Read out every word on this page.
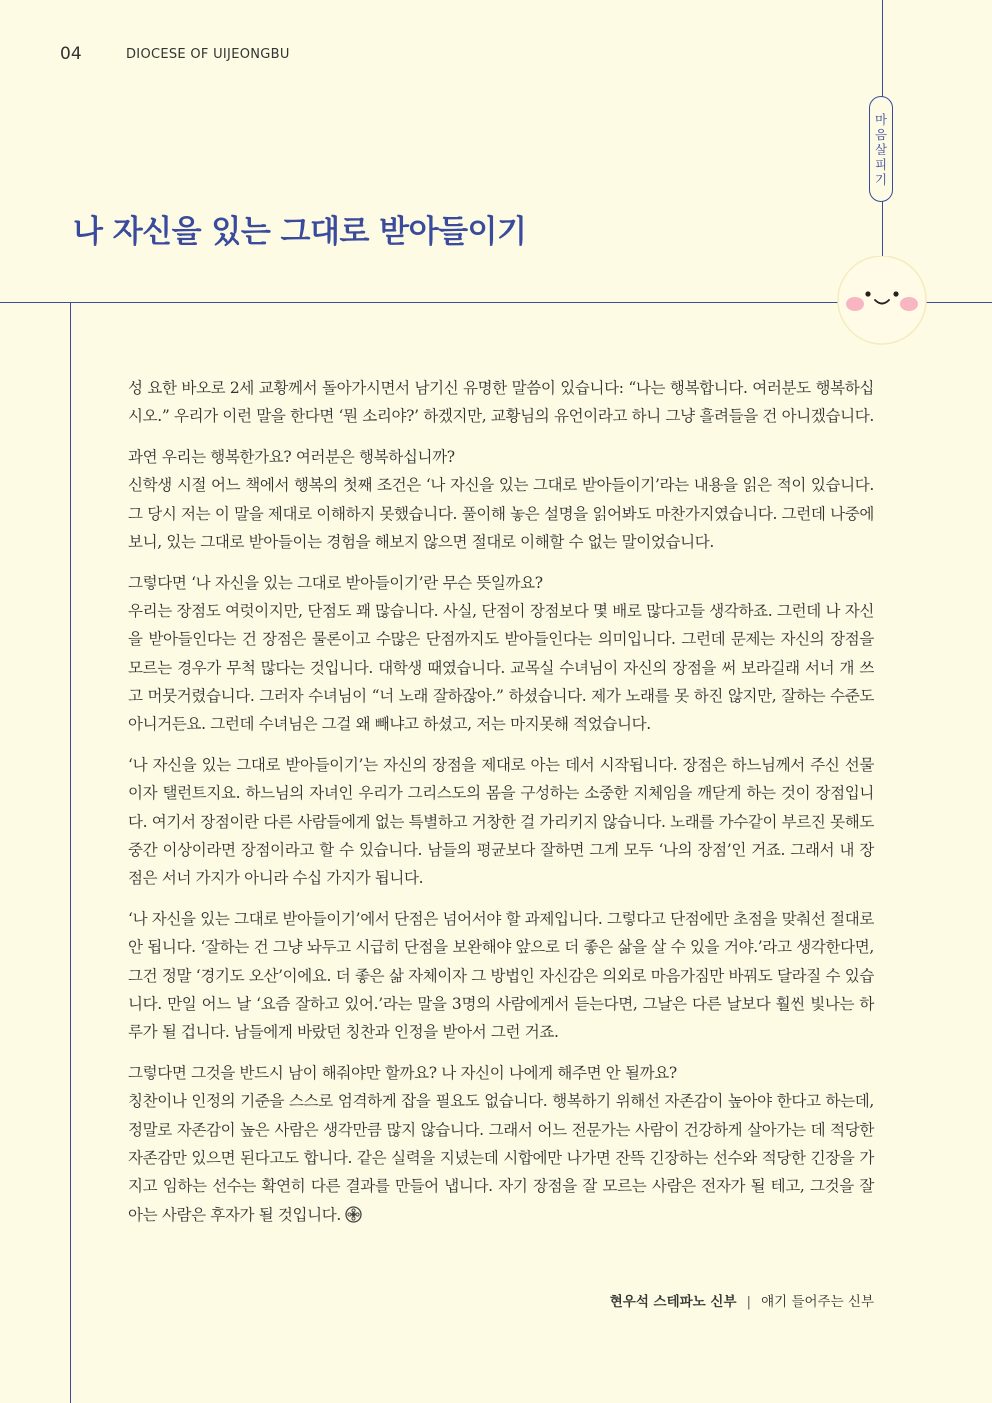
04	DIOCESE OF UIJEONGBU
마음살피기
나 자신을 있는 그대로 받아들이기

성 요한 바오로 2세 교황께서 돌아가시면서 남기신 유명한 말씀이 있습니다: “나는 행복합니다. 여러분도 행복하십시오.” 우리가 이런 말을 한다면 ‘뭔 소리야?’ 하겠지만, 교황님의 유언이라고 하니 그냥 흘려들을 건 아니겠습니다.

과연 우리는 행복한가요? 여러분은 행복하십니까?
신학생 시절 어느 책에서 행복의 첫째 조건은 ‘나 자신을 있는 그대로 받아들이기’라는 내용을 읽은 적이 있습니다. 그 당시 저는 이 말을 제대로 이해하지 못했습니다. 풀이해 놓은 설명을 읽어봐도 마찬가지였습니다. 그런데 나중에 보니, 있는 그대로 받아들이는 경험을 해보지 않으면 절대로 이해할 수 없는 말이었습니다.

그렇다면 ‘나 자신을 있는 그대로 받아들이기’란 무슨 뜻일까요?
우리는 장점도 여럿이지만, 단점도 꽤 많습니다. 사실, 단점이 장점보다 몇 배로 많다고들 생각하죠. 그런데 나 자신을 받아들인다는 건 장점은 물론이고 수많은 단점까지도 받아들인다는 의미입니다. 그런데 문제는 자신의 장점을 모르는 경우가 무척 많다는 것입니다. 대학생 때였습니다. 교목실 수녀님이 자신의 장점을 써 보라길래 서너 개 쓰고 머뭇거렸습니다. 그러자 수녀님이 “너 노래 잘하잖아.” 하셨습니다. 제가 노래를 못 하진 않지만, 잘하는 수준도 아니거든요. 그런데 수녀님은 그걸 왜 빼냐고 하셨고, 저는 마지못해 적었습니다.

‘나 자신을 있는 그대로 받아들이기’는 자신의 장점을 제대로 아는 데서 시작됩니다. 장점은 하느님께서 주신 선물이자 탤런트지요. 하느님의 자녀인 우리가 그리스도의 몸을 구성하는 소중한 지체임을 깨닫게 하는 것이 장점입니다. 여기서 장점이란 다른 사람들에게 없는 특별하고 거창한 걸 가리키지 않습니다. 노래를 가수같이 부르진 못해도 중간 이상이라면 장점이라고 할 수 있습니다. 남들의 평균보다 잘하면 그게 모두 ‘나의 장점’인 거죠. 그래서 내 장점은 서너 가지가 아니라 수십 가지가 됩니다.

‘나 자신을 있는 그대로 받아들이기’에서 단점은 넘어서야 할 과제입니다. 그렇다고 단점에만 초점을 맞춰선 절대로 안 됩니다. ‘잘하는 건 그냥 놔두고 시급히 단점을 보완해야 앞으로 더 좋은 삶을 살 수 있을 거야.’라고 생각한다면, 그건 정말 ‘경기도 오산’이에요. 더 좋은 삶 자체이자 그 방법인 자신감은 의외로 마음가짐만 바꿔도 달라질 수 있습니다. 만일 어느 날 ‘요즘 잘하고 있어.’라는 말을 3명의 사람에게서 듣는다면, 그날은 다른 날보다 훨씬 빛나는 하루가 될 겁니다. 남들에게 바랐던 칭찬과 인정을 받아서 그런 거죠.

그렇다면 그것을 반드시 남이 해줘야만 할까요? 나 자신이 나에게 해주면 안 될까요?
칭찬이나 인정의 기준을 스스로 엄격하게 잡을 필요도 없습니다. 행복하기 위해선 자존감이 높아야 한다고 하는데, 정말로 자존감이 높은 사람은 생각만큼 많지 않습니다. 그래서 어느 전문가는 사람이 건강하게 살아가는 데 적당한 자존감만 있으면 된다고도 합니다. 같은 실력을 지녔는데 시합에만 나가면 잔뜩 긴장하는 선수와 적당한 긴장을 가지고 임하는 선수는 확연히 다른 결과를 만들어 냅니다. 자기 장점을 잘 모르는 사람은 전자가 될 테고, 그것을 잘 아는 사람은 후자가 될 것입니다.

현우석 스테파노 신부 | 얘기 들어주는 신부
